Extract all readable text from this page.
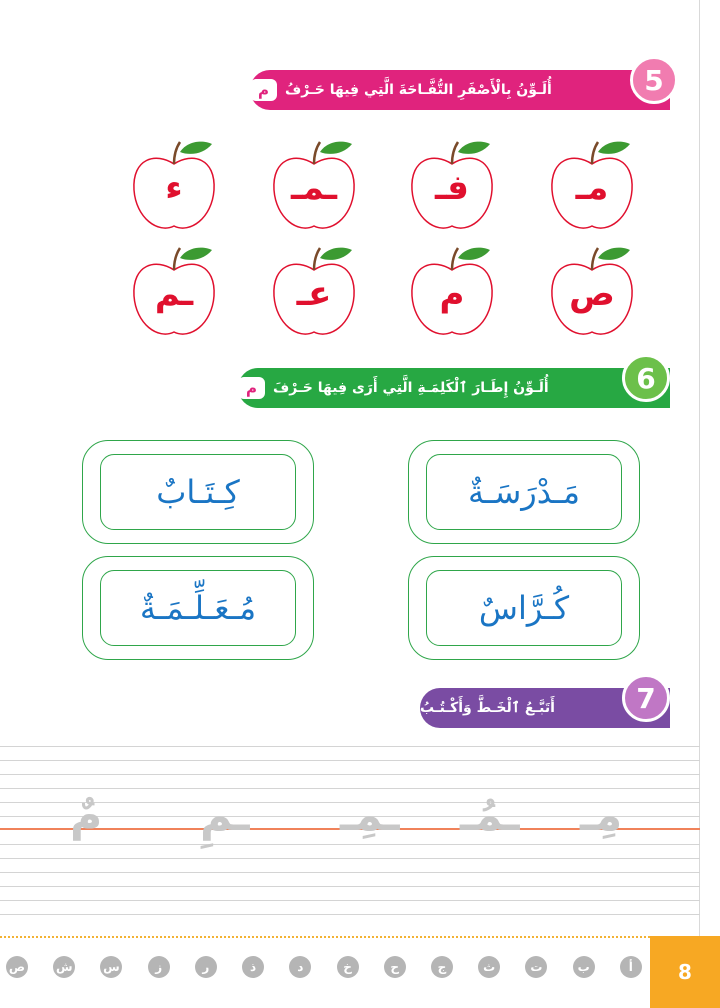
أُلَـوِّنُ بِالْأَصْفَرِ التُّفَّـاحَةَ الَّتِي فِيهَا حَـرْفُ
م	5
مـ
فـ
ـمـ
ء
ص
م
عـ
ـم
أُلَـوِّنُ إِطَـارَ ٱلْكَلِمَـةِ الَّتِي أَرَى فِيهَا حَـرْفَ
م	6
مَـدْرَسَـةٌ
كِـتَـابٌ
كُـرَّاسٌ
مُـعَـلِّـمَـةٌ
أَتَبَّـعُ ٱلْخَـطَّ وَأَكْـتُـبُ	7
مِـ
ـمُـ
ـمِـ
ـمِ
مٌ
8
أ
ب
ت
ث
ج
ح
خ
د
ذ
ر
ز
س
ش
ص
